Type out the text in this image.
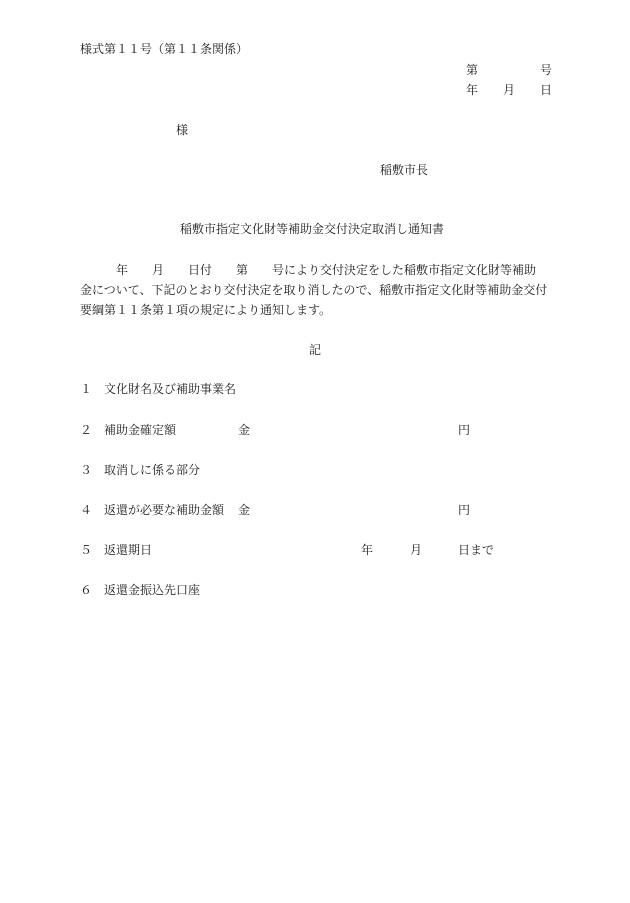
様式第１１号（第１１条関係）
第	号
年 月 日
様
稲敷市長
稲敷市指定文化財等補助金交付決定取消し通知書
年　　月　　日付　　第　　号により交付決定をした稲敷市指定文化財等補助
金について、下記のとおり交付決定を取り消したので、稲敷市指定文化財等補助金交付
要綱第１１条第１項の規定により通知します。
記
１ 文化財名及び補助事業名
２ 補助金確定額	金	円
３ 取消しに係る部分
４ 返還が必要な補助金額 金	円
５ 返還期日	年	月	日まで
６ 返還金振込先口座
